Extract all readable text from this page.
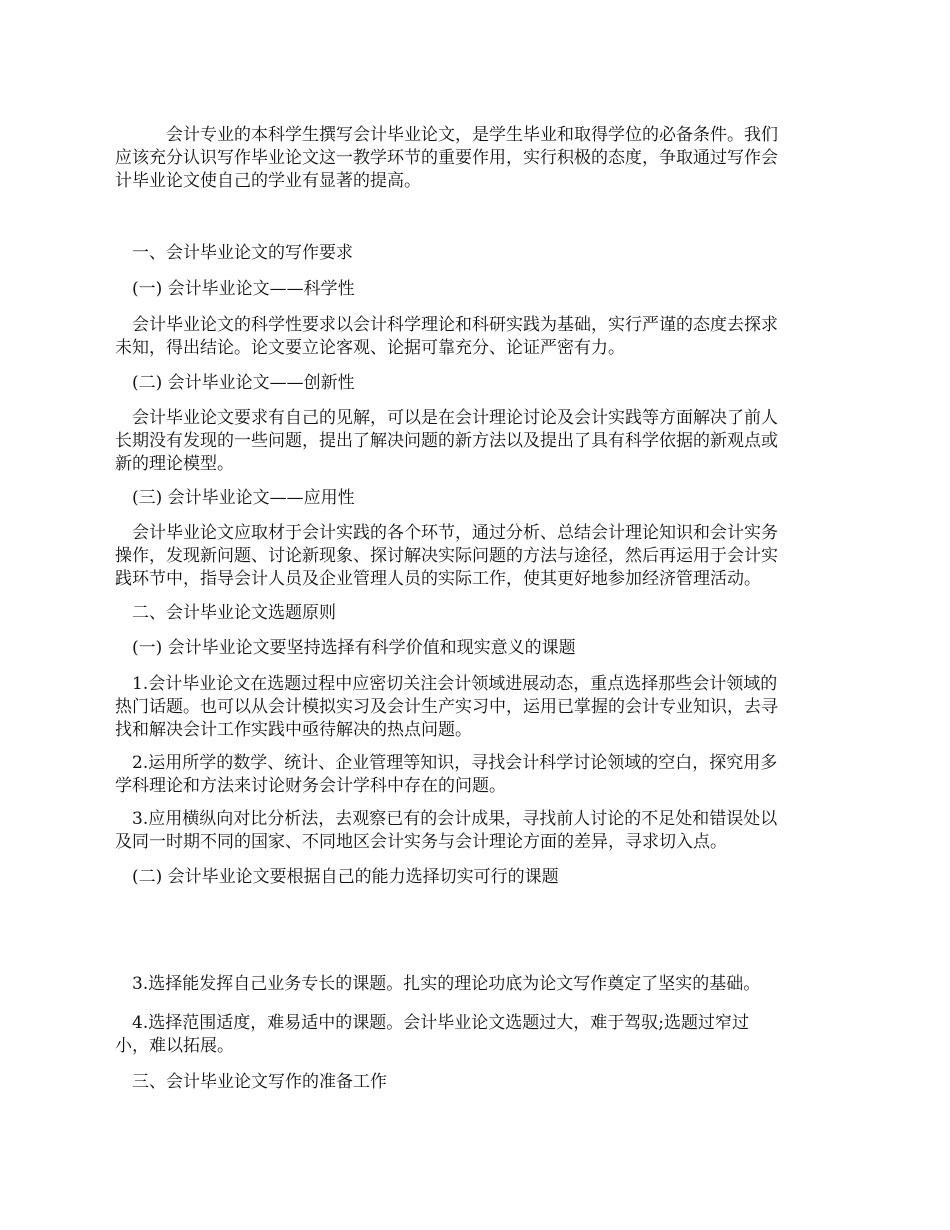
　　　会计专业的本科学生撰写会计毕业论文，是学生毕业和取得学位的必备条件。我们
应该充分认识写作毕业论文这一教学环节的重要作用，实行积极的态度，争取通过写作会
计毕业论文使自己的学业有显著的提高。
　一、会计毕业论文的写作要求
　(一) 会计毕业论文——科学性
　会计毕业论文的科学性要求以会计科学理论和科研实践为基础，实行严谨的态度去探求
未知，得出结论。论文要立论客观、论据可靠充分、论证严密有力。
　(二) 会计毕业论文——创新性
　会计毕业论文要求有自己的见解，可以是在会计理论讨论及会计实践等方面解决了前人
长期没有发现的一些问题，提出了解决问题的新方法以及提出了具有科学依据的新观点或
新的理论模型。
　(三) 会计毕业论文——应用性
　会计毕业论文应取材于会计实践的各个环节，通过分析、总结会计理论知识和会计实务
操作，发现新问题、讨论新现象、探讨解决实际问题的方法与途径，然后再运用于会计实
践环节中，指导会计人员及企业管理人员的实际工作，使其更好地参加经济管理活动。
　二、会计毕业论文选题原则
　(一) 会计毕业论文要坚持选择有科学价值和现实意义的课题
　1.会计毕业论文在选题过程中应密切关注会计领域进展动态，重点选择那些会计领域的
热门话题。也可以从会计模拟实习及会计生产实习中，运用已掌握的会计专业知识，去寻
找和解决会计工作实践中亟待解决的热点问题。
　2.运用所学的数学、统计、企业管理等知识，寻找会计科学讨论领域的空白，探究用多
学科理论和方法来讨论财务会计学科中存在的问题。
　3.应用横纵向对比分析法，去观察已有的会计成果，寻找前人讨论的不足处和错误处以
及同一时期不同的国家、不同地区会计实务与会计理论方面的差异，寻求切入点。
　(二) 会计毕业论文要根据自己的能力选择切实可行的课题
　3.选择能发挥自己业务专长的课题。扎实的理论功底为论文写作奠定了坚实的基础。
　4.选择范围适度，难易适中的课题。会计毕业论文选题过大，难于驾驭;选题过窄过
小，难以拓展。
　三、会计毕业论文写作的准备工作
